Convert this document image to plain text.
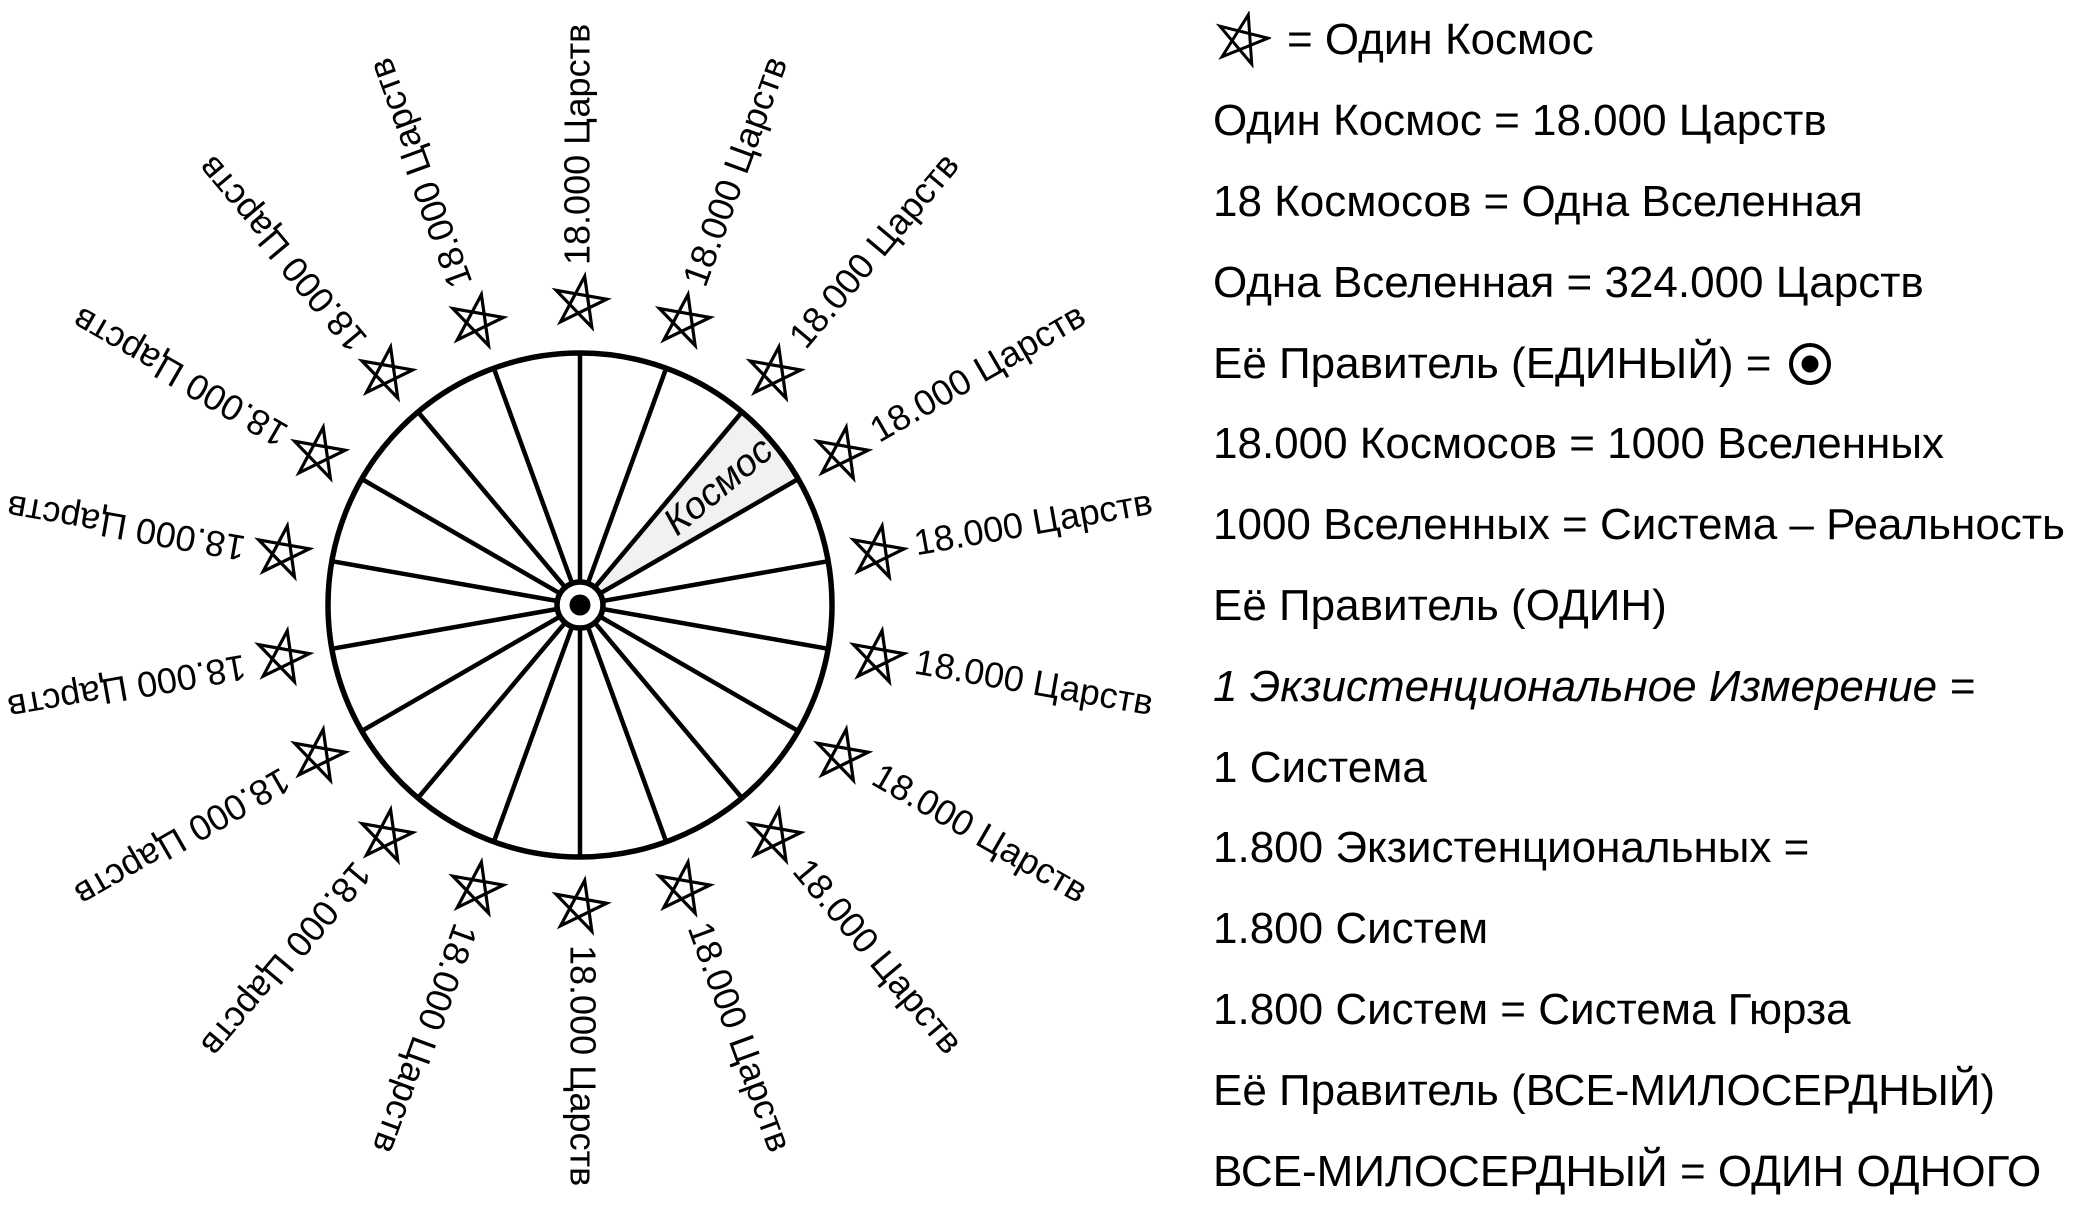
18.000 Царств 18.000 Царств
18.000 Царств
18.000 Царств
18.000 Царств
18.000 Царств
18.000 Царств
18.000 Царств
18.000 Царств
18.000 Царств
18.000 Царств
18.000 Царств
18.000 Царств
18.000 Царств
18.000 Царств
18.000 Царств
18.000 Царств
18.000 Царств
Космос
= Один Космос
Один Космос = 18.000 Царств
18 Космосов = Одна Вселенная
Одна Вселенная = 324.000 Царств
Её Правитель (ЕДИНЫЙ) =
18.000 Космосов = 1000 Вселенных
1000 Вселенных = Система – Реальность
Её Правитель (ОДИН)
1 Экзистенциональное Измерение =
1 Система
1.800 Экзистенциональных =
1.800 Систем
1.800 Систем = Система Гюрза
Её Правитель (ВСЕ-МИЛОСЕРДНЫЙ)
ВСЕ-МИЛОСЕРДНЫЙ = ОДИН ОДНОГО
